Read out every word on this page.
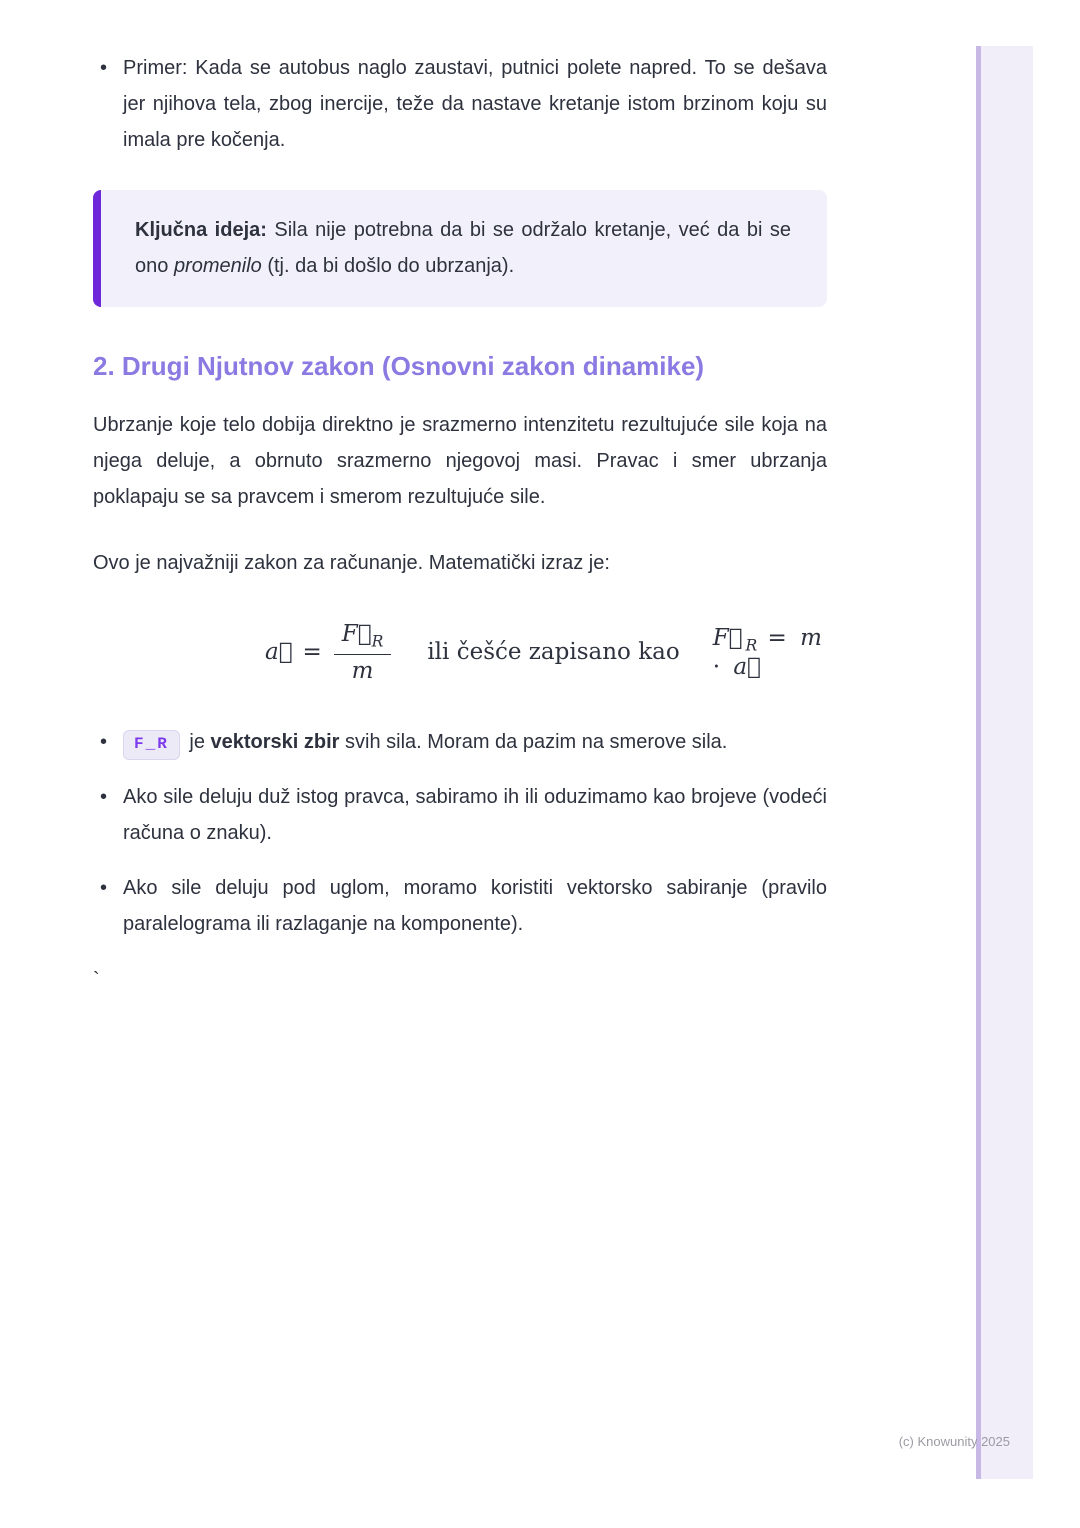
• Primer: Kada se autobus naglo zaustavi, putnici polete napred. To se dešava jer njihova tela, zbog inercije, teže da nastave kretanje istom brzinom koju su imala pre kočenja.
Ključna ideja: Sila nije potrebna da bi se održalo kretanje, već da bi se ono promenilo (tj. da bi došlo do ubrzanja).
2. Drugi Njutnov zakon (Osnovni zakon dinamike)

Ubrzanje koje telo dobija direktno je srazmerno intenzitetu rezultujuće sile koja na njega deluje, a obrnuto srazmerno njegovoj masi. Pravac i smer ubrzanja poklapaju se sa pravcem i smerom rezultujuće sile.

Ovo je najvažniji zakon za računanje. Matematički izraz je:

a⃗ = $\frac{F⃗_R}{m}$ ili češće zapisano kao
F⃗ $_R$ = m · a⃗
• F_R je vektorski zbir svih sila. Moram da pazim na smerove sila.
• Ako sile deluju duž istog pravca, sabiramo ih ili oduzimamo kao brojeve (vodeći računa o znaku).
• Ako sile deluju pod uglom, moramo koristiti vektorsko sabiranje (pravilo paralelograma ili razlaganje na komponente).
`
(c) Knowunity 2025
